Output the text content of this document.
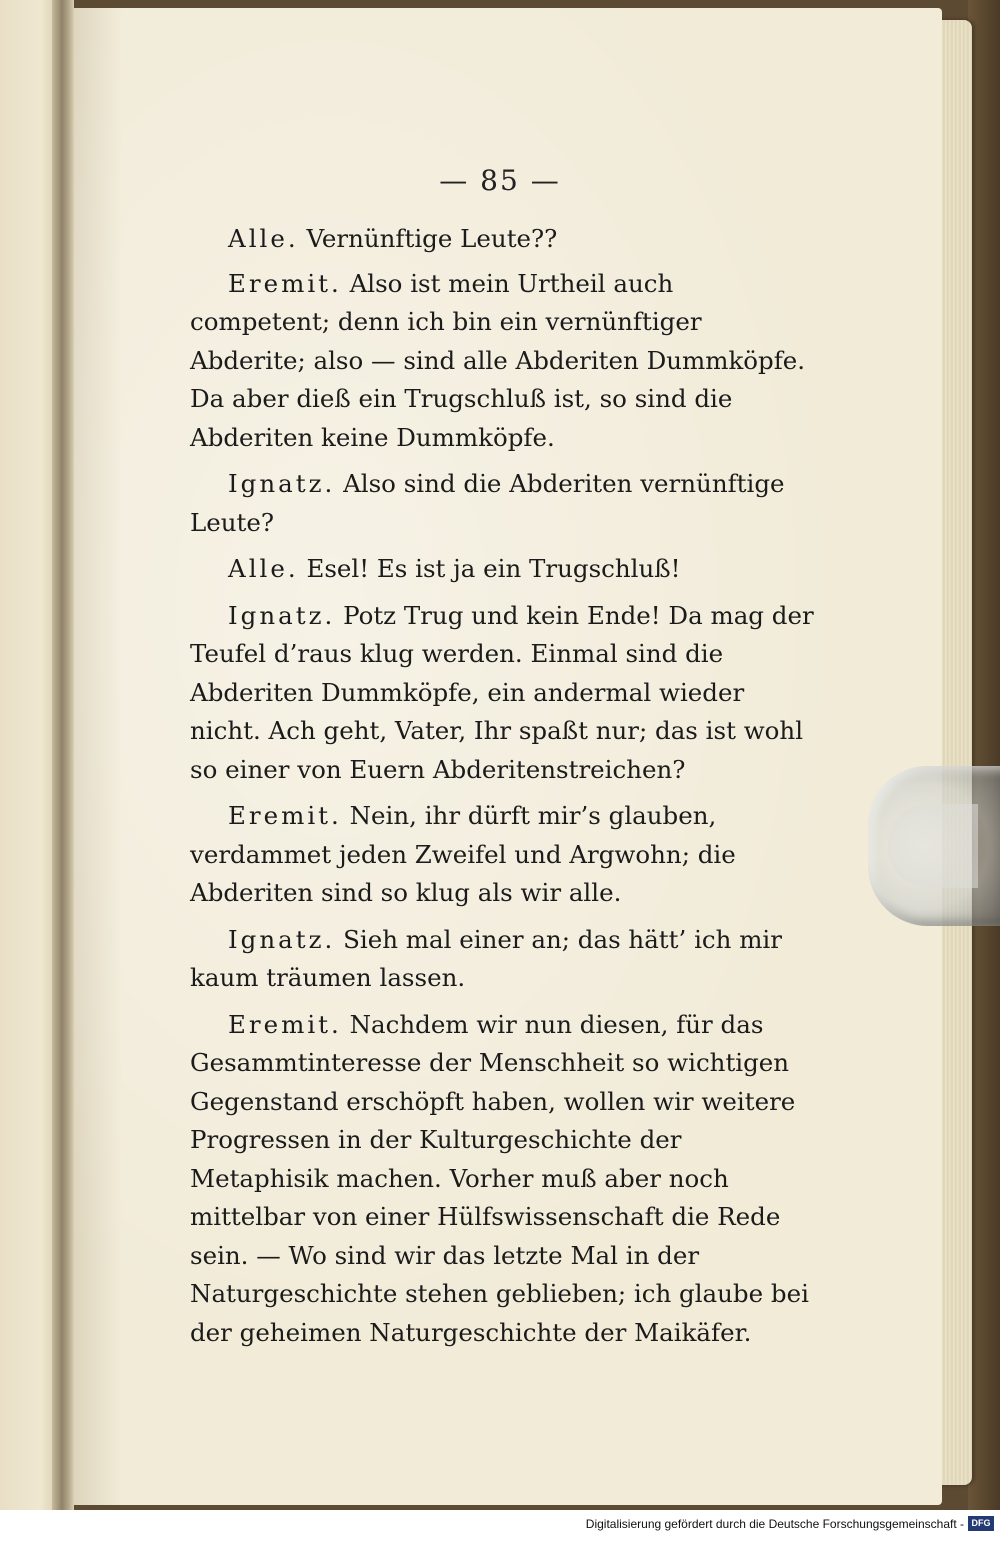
— 85 —

Alle. Vernünftige Leute??

Eremit. Also ist mein Urtheil auch competent; denn ich bin ein vernünftiger Abderite; also — sind alle Abderiten Dummköpfe. Da aber dieß ein Trugschluß ist, so sind die Abderiten keine Dummköpfe.

Ignatz. Also sind die Abderiten vernünftige Leute?

Alle. Esel! Es ist ja ein Trugschluß!

Ignatz. Potz Trug und kein Ende! Da mag der Teufel d’raus klug werden. Einmal sind die Abderiten Dummköpfe, ein andermal wieder nicht. Ach geht, Vater, Ihr spaßt nur; das ist wohl so einer von Euern Abderitenstreichen?

Eremit. Nein, ihr dürft mir’s glauben, verdammet jeden Zweifel und Argwohn; die Abderiten sind so klug als wir alle.

Ignatz. Sieh mal einer an; das hätt’ ich mir kaum träumen lassen.

Eremit. Nachdem wir nun diesen, für das Gesammtinteresse der Menschheit so wichtigen Gegenstand erschöpft haben, wollen wir weitere Progressen in der Kulturgeschichte der Metaphisik machen. Vorher muß aber noch mittelbar von einer Hülfswissenschaft die Rede sein. — Wo sind wir das letzte Mal in der Naturgeschichte stehen geblieben; ich glaube bei der geheimen Naturgeschichte der Maikäfer.

Digitalisierung gefördert durch die Deutsche Forschungsgemeinschaft - DFG
